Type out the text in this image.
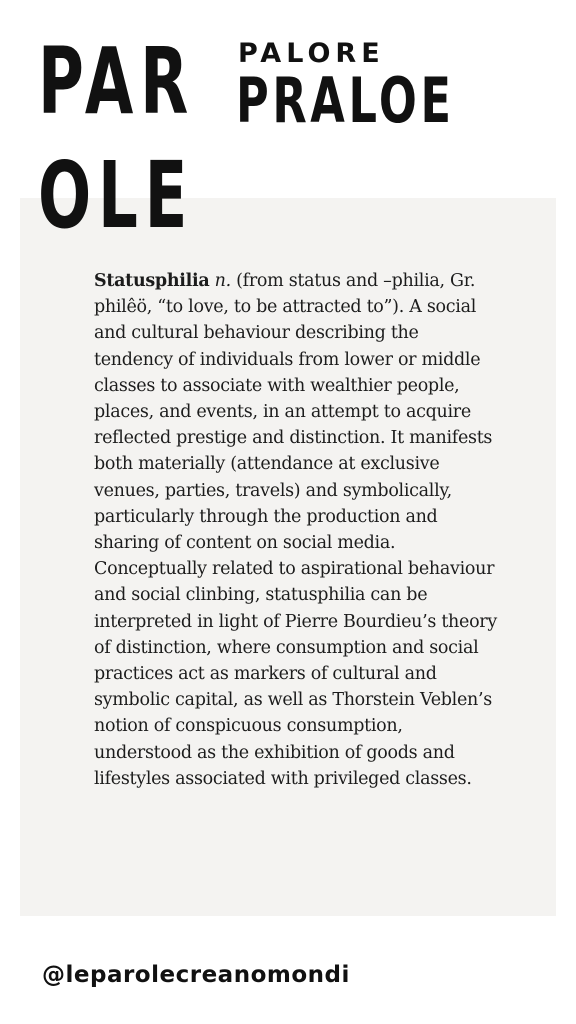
PAR
OLE
PALORE
PRALOE

Statusphilia n. (from status and –philia, Gr. philêö, “to love, to be attracted to”). A social and cultural behaviour describing the tendency of individuals from lower or middle classes to associate with wealthier people, places, and events, in an attempt to acquire reflected prestige and distinction. It manifests both materially (attendance at exclusive venues, parties, travels) and symbolically, particularly through the production and sharing of content on social media. Conceptually related to aspirational behaviour and social clinbing, statusphilia can be interpreted in light of Pierre Bourdieu’s theory of distinction, where consumption and social practices act as markers of cultural and symbolic capital, as well as Thorstein Veblen’s notion of conspicuous consumption, understood as the exhibition of goods and lifestyles associated with privileged classes.

@leparolecreanomondi
